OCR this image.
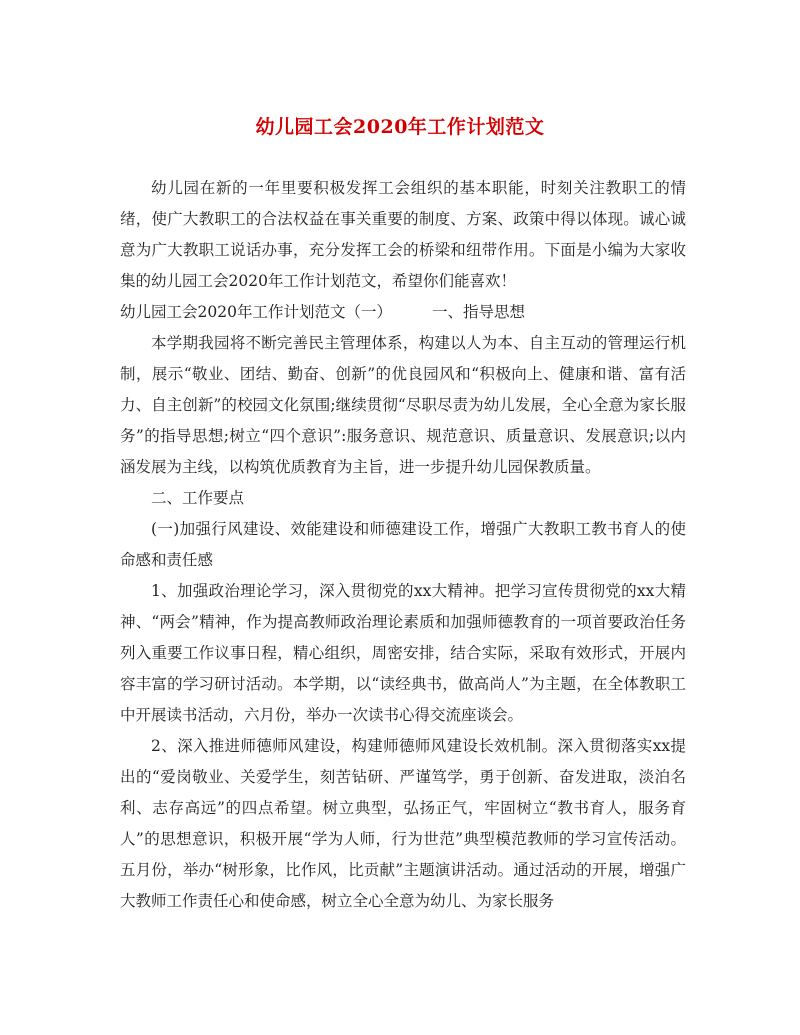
幼儿园工会2020年工作计划范文

幼儿园在新的一年里要积极发挥工会组织的基本职能，时刻关注教职工的情绪，使广大教职工的合法权益在事关重要的制度、方案、政策中得以体现。诚心诚意为广大教职工说话办事，充分发挥工会的桥梁和纽带作用。下面是小编为大家收集的幼儿园工会2020年工作计划范文，希望你们能喜欢！

幼儿园工会2020年工作计划范文（一）	一、指导思想

本学期我园将不断完善民主管理体系，构建以人为本、自主互动的管理运行机制，展示“敬业、团结、勤奋、创新”的优良园风和“积极向上、健康和谐、富有活力、自主创新”的校园文化氛围;继续贯彻“尽职尽责为幼儿发展，全心全意为家长服务”的指导思想;树立“四个意识”:服务意识、规范意识、质量意识、发展意识;以内涵发展为主线，以构筑优质教育为主旨，进一步提升幼儿园保教质量。

二、工作要点

(一)加强行风建设、效能建设和师德建设工作，增强广大教职工教书育人的使命感和责任感

1、加强政治理论学习，深入贯彻党的xx大精神。把学习宣传贯彻党的xx大精神、“两会”精神，作为提高教师政治理论素质和加强师德教育的一项首要政治任务列入重要工作议事日程，精心组织，周密安排，结合实际，采取有效形式，开展内容丰富的学习研讨活动。本学期，以“读经典书，做高尚人”为主题，在全体教职工中开展读书活动，六月份，举办一次读书心得交流座谈会。

2、深入推进师德师风建设，构建师德师风建设长效机制。深入贯彻落实xx提出的“爱岗敬业、关爱学生，刻苦钻研、严谨笃学，勇于创新、奋发进取，淡泊名利、志存高远”的四点希望。树立典型，弘扬正气，牢固树立“教书育人，服务育人”的思想意识，积极开展“学为人师，行为世范”典型模范教师的学习宣传活动。五月份，举办“树形象，比作风，比贡献”主题演讲活动。通过活动的开展，增强广大教师工作责任心和使命感，树立全心全意为幼儿、为家长服务
